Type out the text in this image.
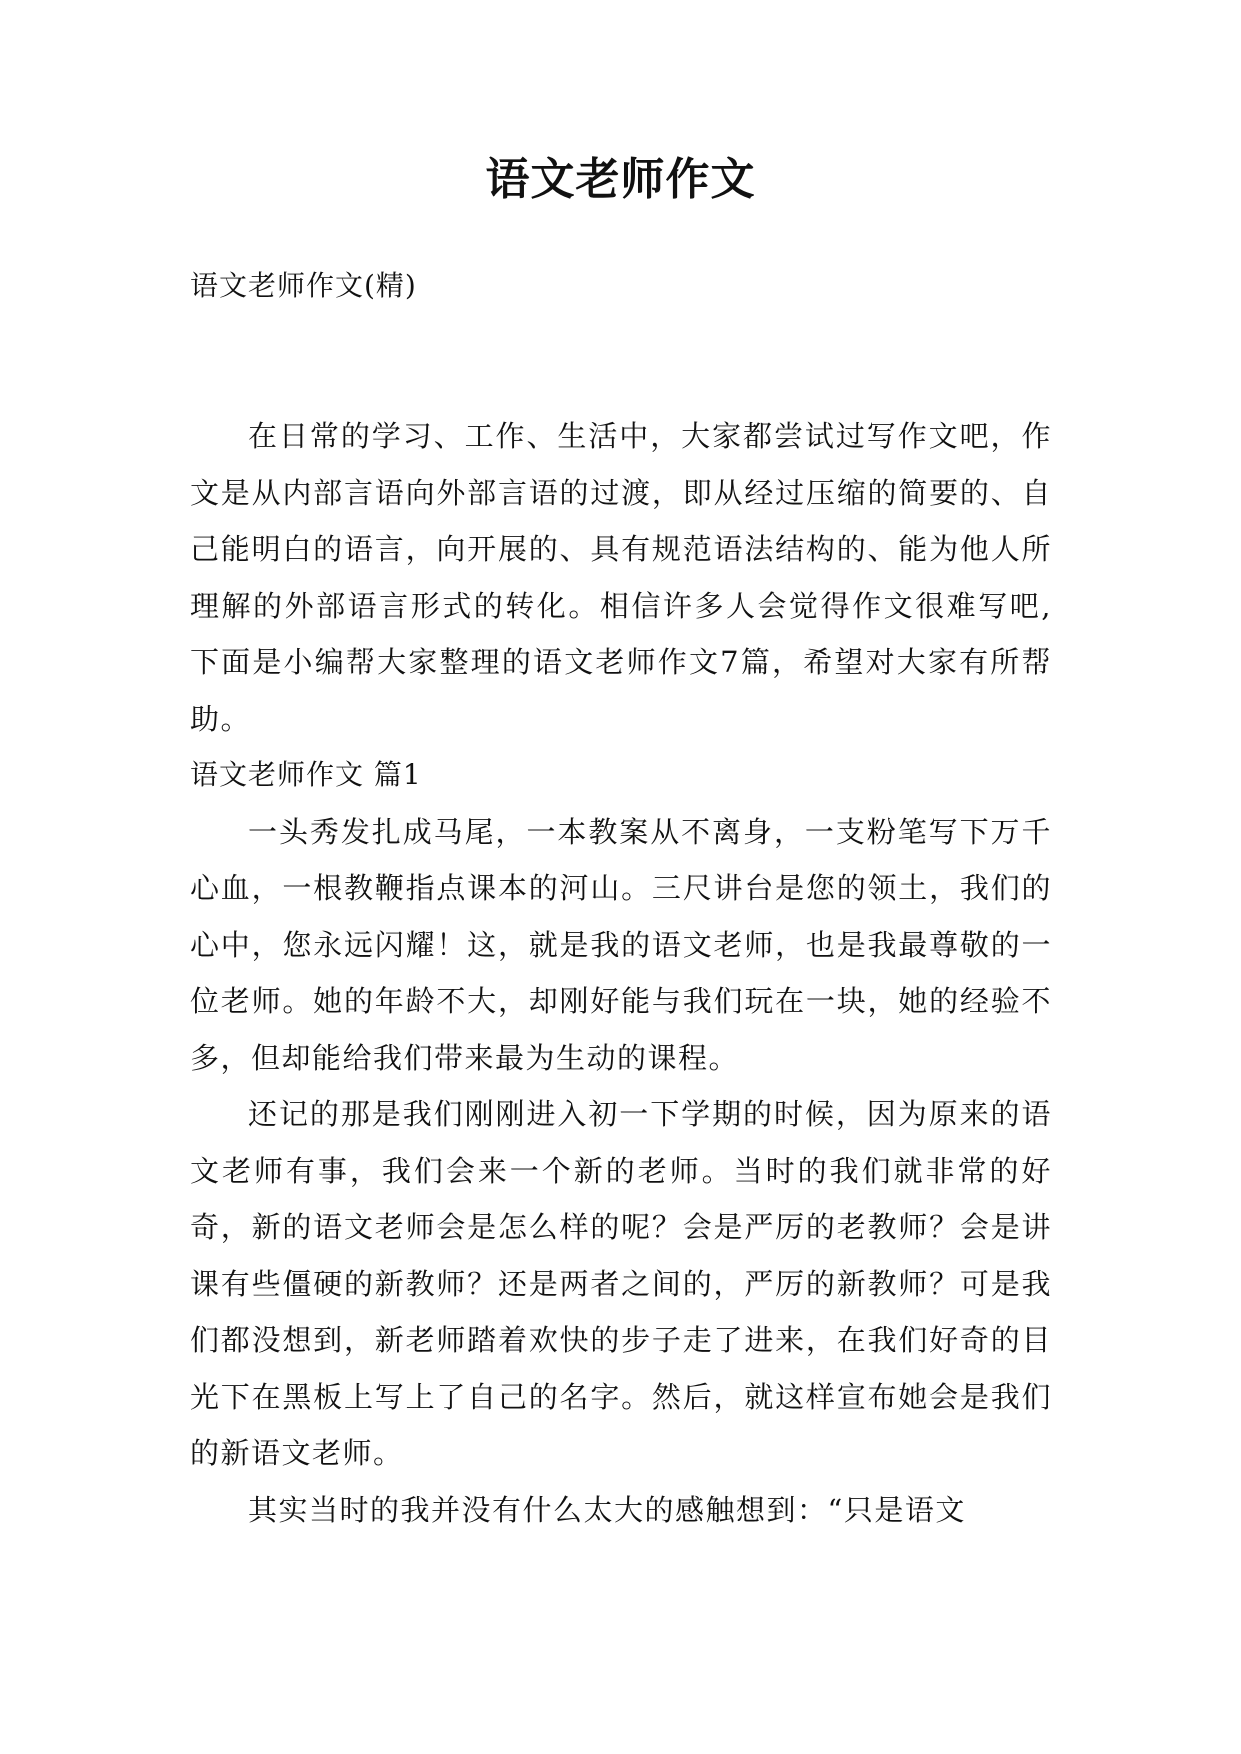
语文老师作文

语文老师作文(精)

在日常的学习、工作、生活中，大家都尝试过写作文吧，作文是从内部言语向外部言语的过渡，即从经过压缩的简要的、自己能明白的语言，向开展的、具有规范语法结构的、能为他人所理解的外部语言形式的转化。相信许多人会觉得作文很难写吧,下面是小编帮大家整理的语文老师作文7篇，希望对大家有所帮助。

语文老师作文 篇1

一头秀发扎成马尾，一本教案从不离身，一支粉笔写下万千心血，一根教鞭指点课本的河山。三尺讲台是您的领土，我们的心中，您永远闪耀！这，就是我的语文老师，也是我最尊敬的一位老师。她的年龄不大，却刚好能与我们玩在一块，她的经验不多，但却能给我们带来最为生动的课程。

还记的那是我们刚刚进入初一下学期的时候，因为原来的语文老师有事，我们会来一个新的老师。当时的我们就非常的好奇，新的语文老师会是怎么样的呢？会是严厉的老教师？会是讲课有些僵硬的新教师？还是两者之间的，严厉的新教师？可是我们都没想到，新老师踏着欢快的步子走了进来，在我们好奇的目光下在黑板上写上了自己的名字。然后，就这样宣布她会是我们的新语文老师。

其实当时的我并没有什么太大的感触想到：“只是语文
